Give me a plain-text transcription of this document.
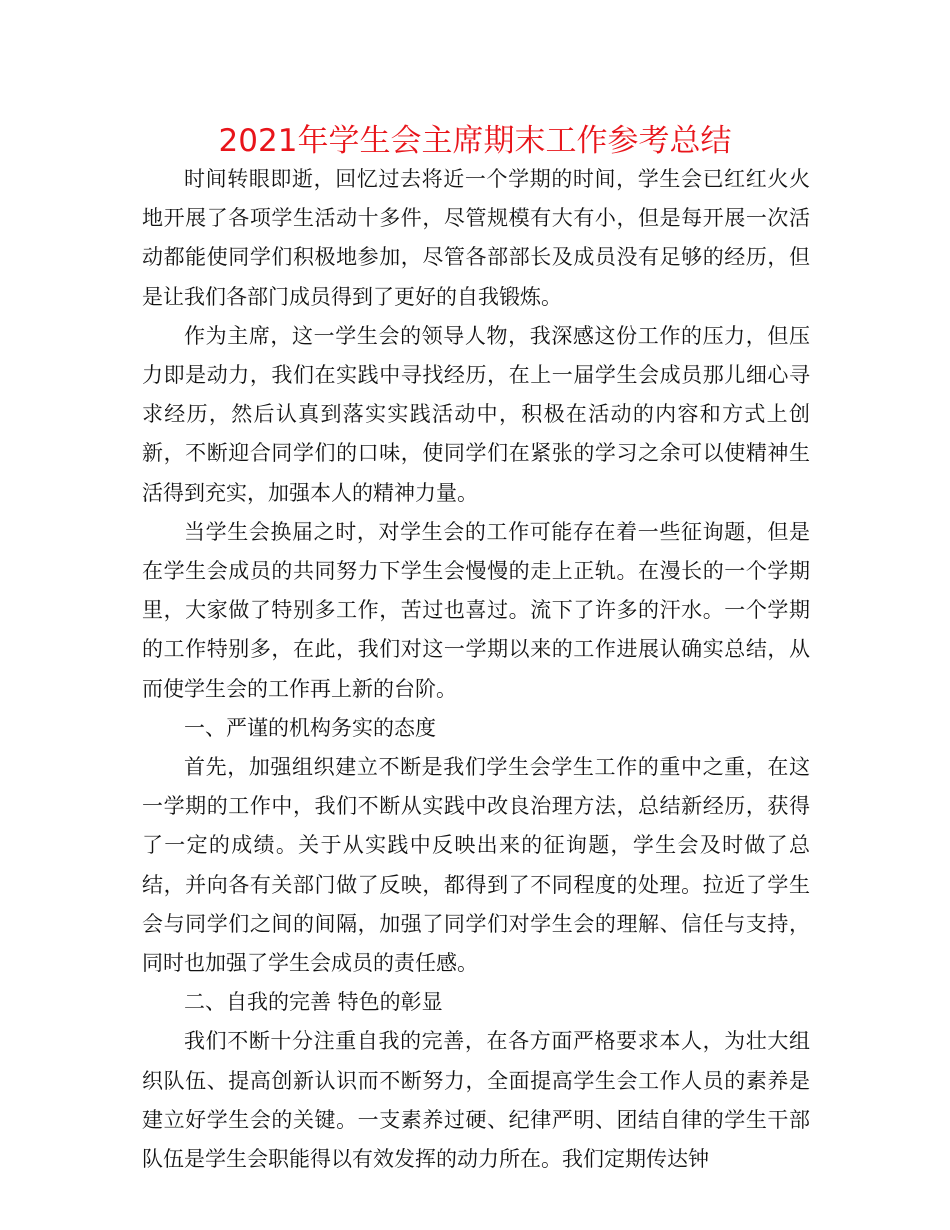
2021年学生会主席期末工作参考总结

时间转眼即逝，回忆过去将近一个学期的时间，学生会已红红火火地开展了各项学生活动十多件，尽管规模有大有小，但是每开展一次活动都能使同学们积极地参加，尽管各部部长及成员没有足够的经历，但是让我们各部门成员得到了更好的自我锻炼。

作为主席，这一学生会的领导人物，我深感这份工作的压力，但压力即是动力，我们在实践中寻找经历，在上一届学生会成员那儿细心寻求经历，然后认真到落实实践活动中，积极在活动的内容和方式上创新，不断迎合同学们的口味，使同学们在紧张的学习之余可以使精神生活得到充实，加强本人的精神力量。

当学生会换届之时，对学生会的工作可能存在着一些征询题，但是在学生会成员的共同努力下学生会慢慢的走上正轨。在漫长的一个学期里，大家做了特别多工作，苦过也喜过。流下了许多的汗水。一个学期的工作特别多，在此，我们对这一学期以来的工作进展认确实总结，从而使学生会的工作再上新的台阶。

一、严谨的机构务实的态度

首先，加强组织建立不断是我们学生会学生工作的重中之重，在这一学期的工作中，我们不断从实践中改良治理方法，总结新经历，获得了一定的成绩。关于从实践中反映出来的征询题，学生会及时做了总结，并向各有关部门做了反映，都得到了不同程度的处理。拉近了学生会与同学们之间的间隔，加强了同学们对学生会的理解、信任与支持，同时也加强了学生会成员的责任感。

二、自我的完善 特色的彰显

我们不断十分注重自我的完善，在各方面严格要求本人，为壮大组织队伍、提高创新认识而不断努力，全面提高学生会工作人员的素养是建立好学生会的关键。一支素养过硬、纪律严明、团结自律的学生干部队伍是学生会职能得以有效发挥的动力所在。我们定期传达钟
